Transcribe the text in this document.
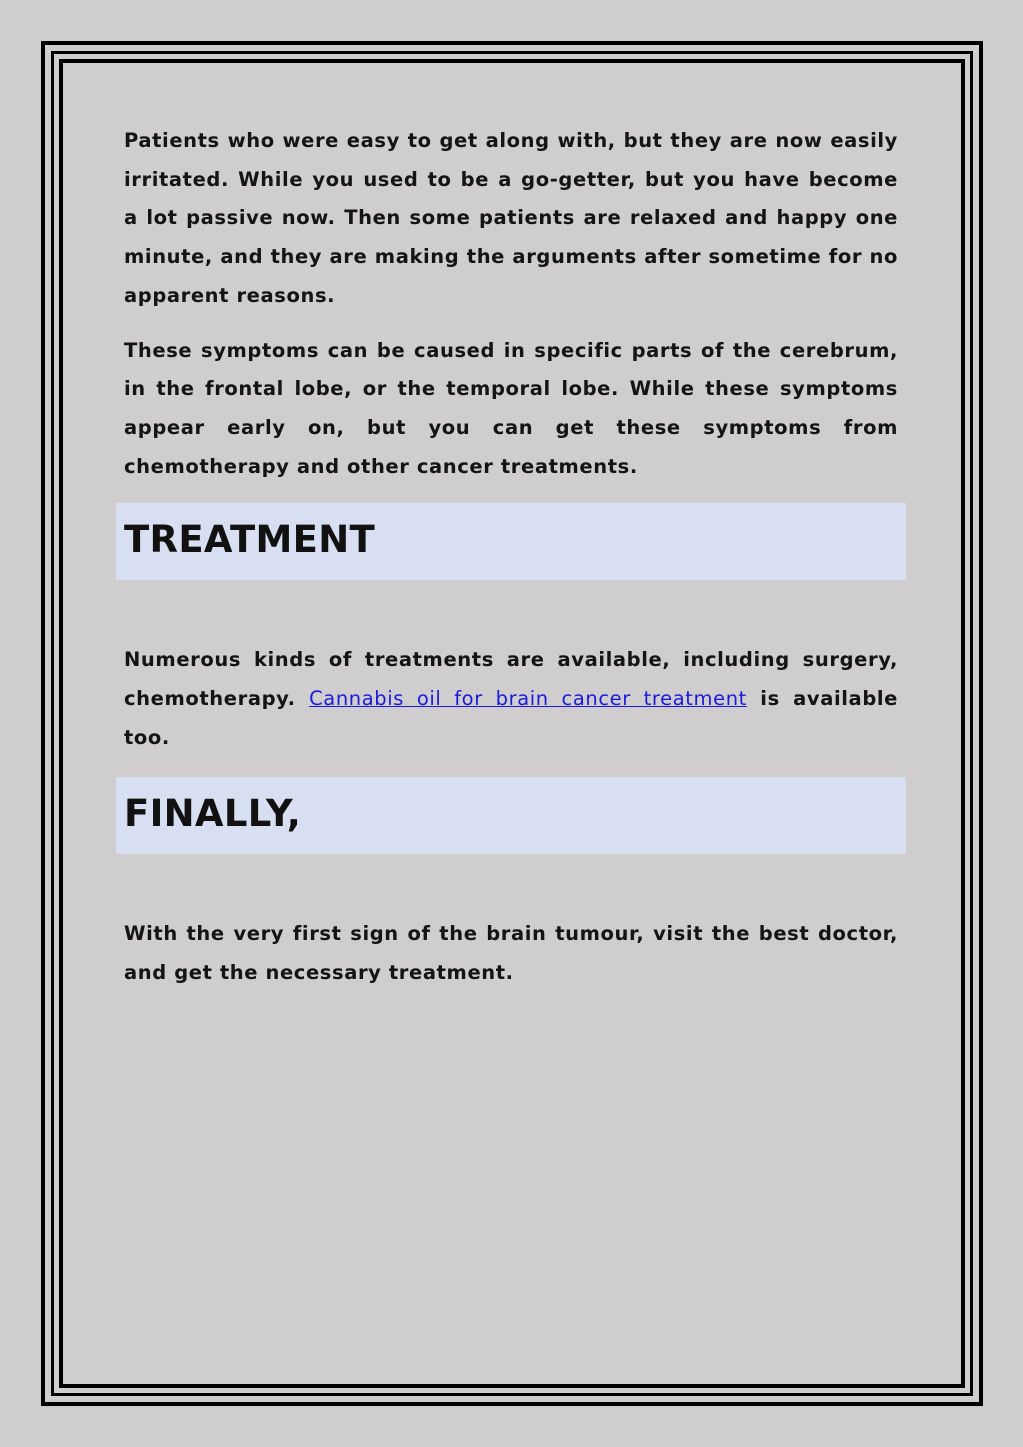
Patients who were easy to get along with, but they are now easily irritated. While you used to be a go-getter, but you have become a lot passive now. Then some patients are relaxed and happy one minute, and they are making the arguments after sometime for no apparent reasons.

These symptoms can be caused in specific parts of the cerebrum, in the frontal lobe, or the temporal lobe. While these symptoms appear early on, but you can get these symptoms from chemotherapy and other cancer treatments.

TREATMENT

Numerous kinds of treatments are available, including surgery, chemotherapy. Cannabis oil for brain cancer treatment is available too.

FINALLY,

With the very first sign of the brain tumour, visit the best doctor, and get the necessary treatment.
